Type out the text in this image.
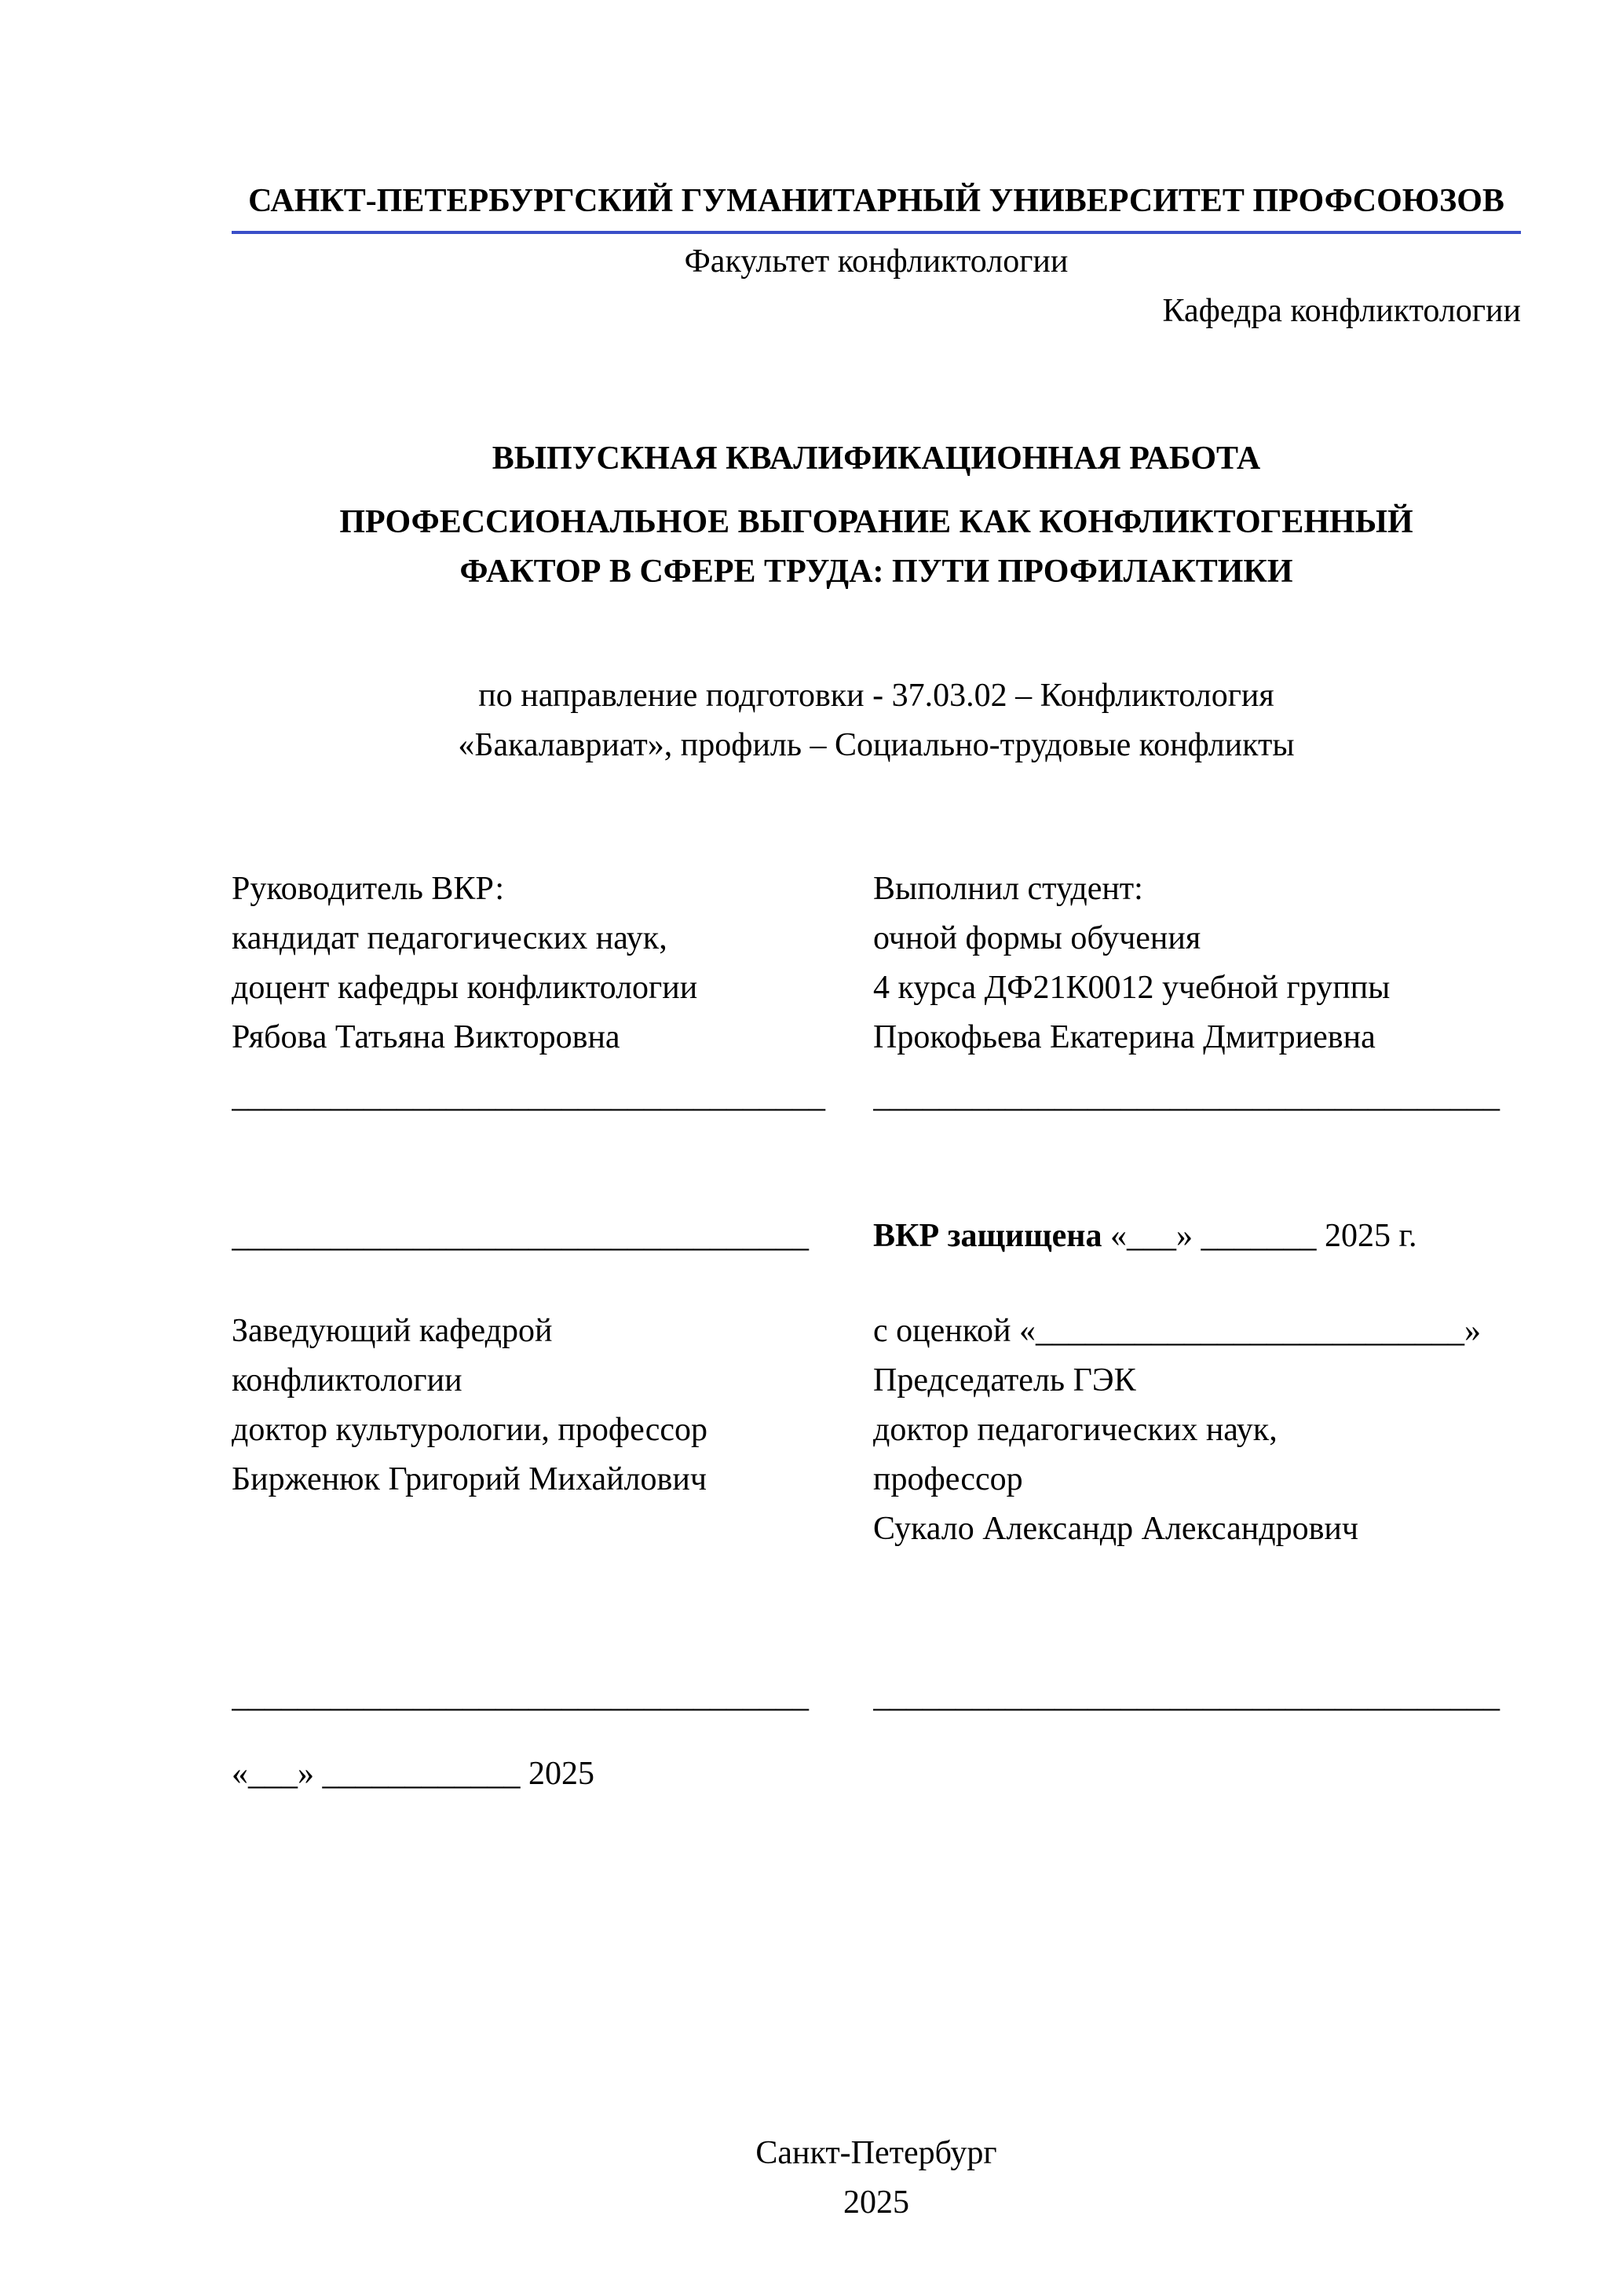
САНКТ-ПЕТЕРБУРГСКИЙ ГУМАНИТАРНЫЙ УНИВЕРСИТЕТ ПРОФСОЮЗОВ
Факультет конфликтологии
Кафедра конфликтологии
ВЫПУСКНАЯ КВАЛИФИКАЦИОННАЯ РАБОТА
ПРОФЕССИОНАЛЬНОЕ ВЫГОРАНИЕ КАК КОНФЛИКТОГЕННЫЙ
ФАКТОР В СФЕРЕ ТРУДА: ПУТИ ПРОФИЛАКТИКИ
по направление подготовки - 37.03.02 – Конфликтология
«Бакалавриат», профиль – Социально-трудовые конфликты
Руководитель ВКР:
кандидат педагогических наук,
доцент кафедры конфликтологии
Рябова Татьяна Викторовна
____________________________________
Выполнил студент:
очной формы обучения
4 курса ДФ21К0012 учебной группы
Прокофьева Екатерина Дмитриевна
______________________________________
___________________________________	ВКР защищена «___» _______ 2025 г.
Заведующий кафедрой
конфликтологии
доктор культурологии, профессор
Бирженюк Григорий Михайлович
с оценкой «__________________________»
Председатель ГЭК
доктор педагогических наук,
профессор
Сукало Александр Александрович
___________________________________	______________________________________
«___» ____________ 2025
Санкт-Петербург
2025
